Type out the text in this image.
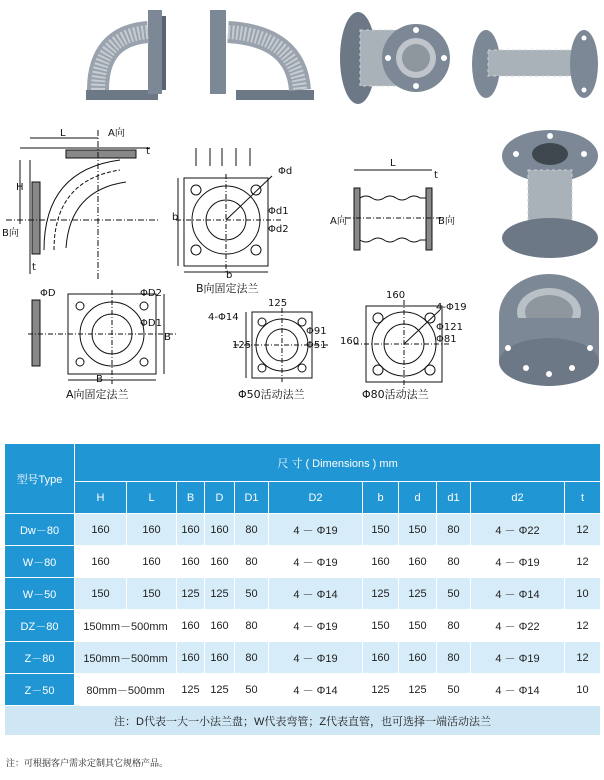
L	A向
t
H
B向
t
Φd
Φd1
Φd2
b
b
B向固定法兰
L
t
A向	B向
ΦD	ΦD2
ΦD1
B
B
A向固定法兰
125
4-Φ14
Φ91
Φ51
125
Φ50活动法兰
160
4-Φ19
Φ121
Φ81
160
Φ80活动法兰
型号Type	尺 寸 ( Dimensions ) mm										
	H	L	B	D	D1	D2	b	d	d1	d2	t
Dw－80	160	160	160	160	80	4 － Φ19	150	150	80	4 － Φ22	12
W－80	160	160	160	160	80	4 － Φ19	160	160	80	4 － Φ19	12
W－50	150	150	125	125	50	4 － Φ14	125	125	50	4 － Φ14	10
DZ－80	150mm－500mm		160	160	80	4 － Φ19	150	150	80	4 － Φ22	12
Z－80	150mm－500mm		160	160	80	4 － Φ19	160	160	80	4 － Φ19	12
Z－50	80mm－500mm		125	125	50	4 － Φ14	125	125	50	4 － Φ14	10
注：D代表一大一小法兰盘；W代表弯管；Z代表直管，也可选择一端活动法兰											
注：可根据客户需求定制其它规格产品。
